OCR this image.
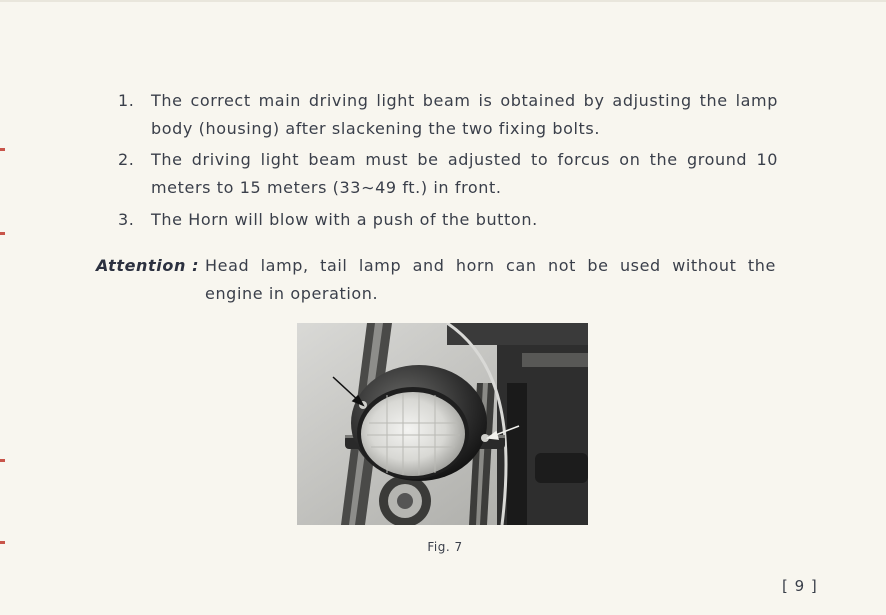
1.	The correct main driving light beam is obtained by adjusting the lamp body (housing) after slackening the two fixing bolts.
2.	The driving light beam must be adjusted to forcus on the ground 10 meters to 15 meters (33∼49 ft.) in front.
3.	The Horn will blow with a push of the button.
Attention : Head lamp, tail lamp and horn can not be used without the engine in operation.
Fig. 7
[ 9 ]
